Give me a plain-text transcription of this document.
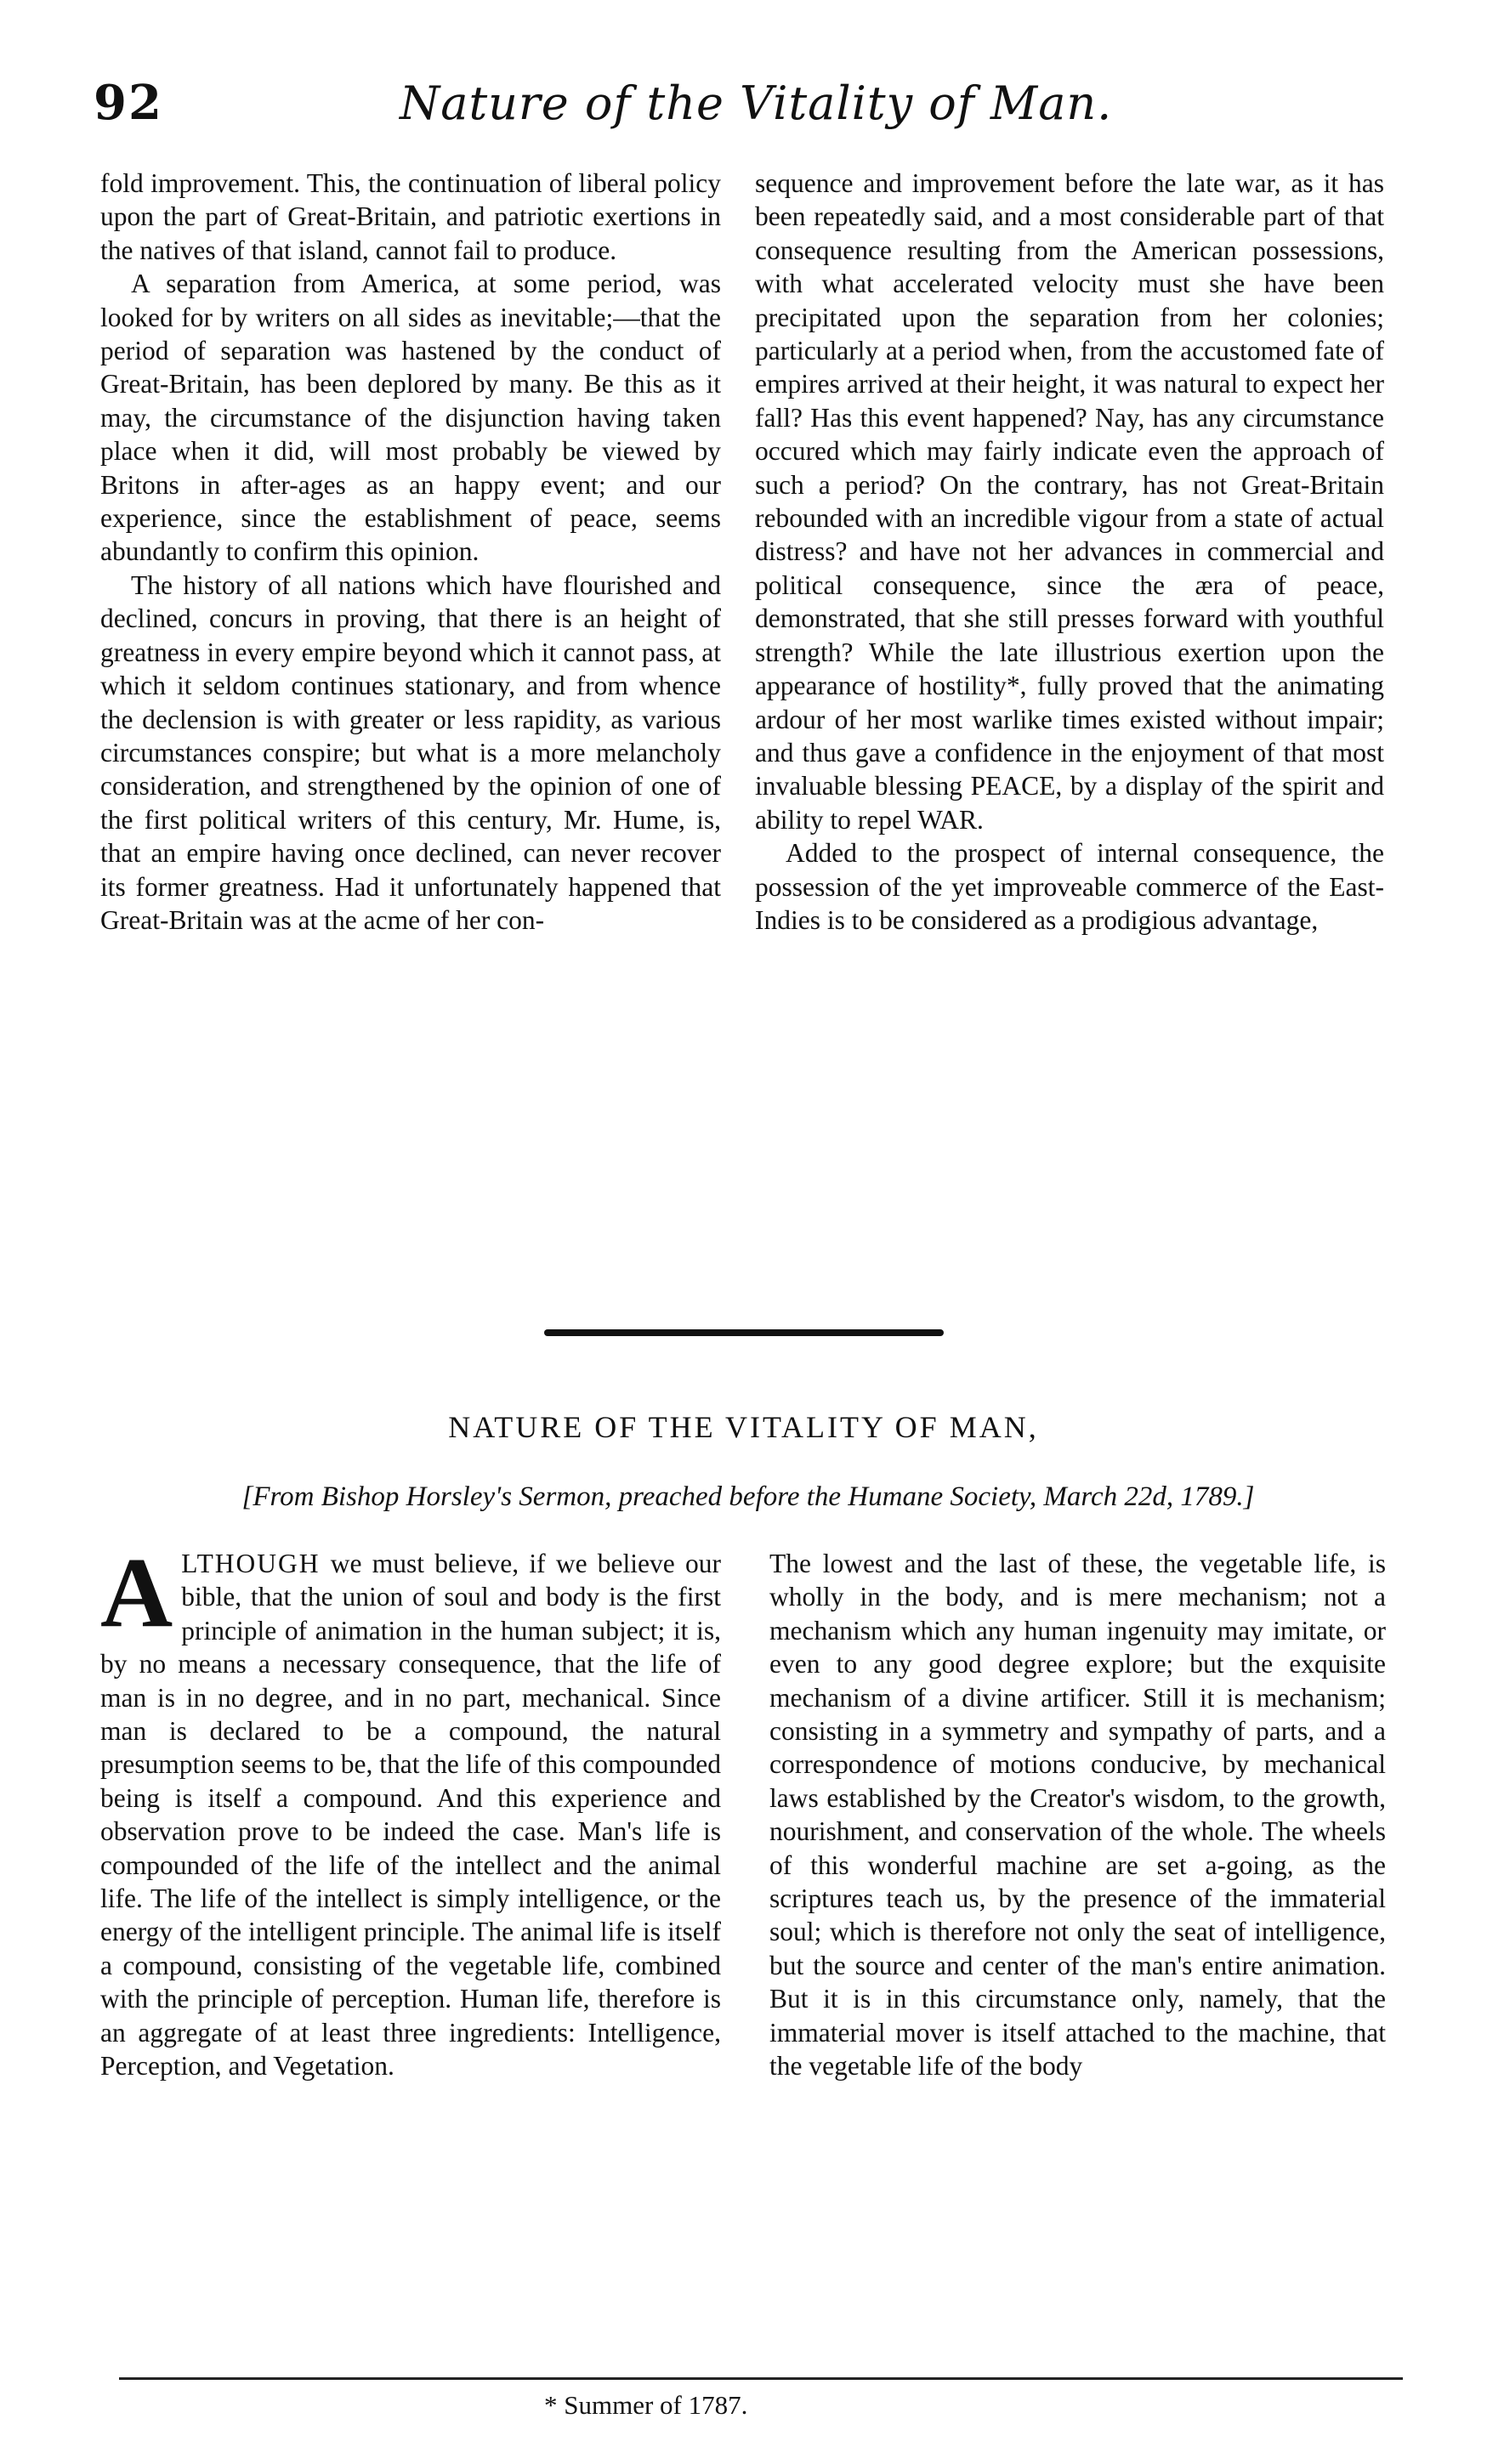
92	Nature of the Vitality of Man.

fold improvement. This, the continuation of liberal policy upon the part of Great-Britain, and patriotic exertions in the natives of that island, cannot fail to produce.

A separation from America, at some period, was looked for by writers on all sides as inevitable;—that the period of separation was hastened by the conduct of Great-Britain, has been deplored by many. Be this as it may, the circumstance of the disjunction having taken place when it did, will most probably be viewed by Britons in after-ages as an happy event; and our experience, since the establishment of peace, seems abundantly to confirm this opinion.

The history of all nations which have flourished and declined, concurs in proving, that there is an height of greatness in every empire beyond which it cannot pass, at which it seldom continues stationary, and from whence the declension is with greater or less rapidity, as various circumstances conspire; but what is a more melancholy consideration, and strengthened by the opinion of one of the first political writers of this century, Mr. Hume, is, that an empire having once declined, can never recover its former greatness. Had it unfortunately happened that Great-Britain was at the acme of her con-

sequence and improvement before the late war, as it has been repeatedly said, and a most considerable part of that consequence resulting from the American possessions, with what accelerated velocity must she have been precipitated upon the separation from her colonies; particularly at a period when, from the accustomed fate of empires arrived at their height, it was natural to expect her fall? Has this event happened? Nay, has any circumstance occured which may fairly indicate even the approach of such a period? On the contrary, has not Great-Britain rebounded with an incredible vigour from a state of actual distress? and have not her advances in commercial and political consequence, since the æra of peace, demonstrated, that she still presses forward with youthful strength? While the late illustrious exertion upon the appearance of hostility*, fully proved that the animating ardour of her most warlike times existed without impair; and thus gave a confidence in the enjoyment of that most invaluable blessing PEACE, by a display of the spirit and ability to repel WAR.

Added to the prospect of internal consequence, the possession of the yet improveable commerce of the East-Indies is to be considered as a prodigious advantage,

NATURE OF THE VITALITY OF MAN,
[From Bishop Horsley's Sermon, preached before the Humane Society, March 22d, 1789.]

ALTHOUGH we must believe, if we believe our bible, that the union of soul and body is the first principle of animation in the human subject; it is, by no means a necessary consequence, that the life of man is in no degree, and in no part, mechanical. Since man is declared to be a compound, the natural presumption seems to be, that the life of this compounded being is itself a compound. And this experience and observation prove to be indeed the case. Man's life is compounded of the life of the intellect and the animal life. The life of the intellect is simply intelligence, or the energy of the intelligent principle. The animal life is itself a compound, consisting of the vegetable life, combined with the principle of perception. Human life, therefore is an aggregate of at least three ingredients: Intelligence, Perception, and Vegetation.

The lowest and the last of these, the vegetable life, is wholly in the body, and is mere mechanism; not a mechanism which any human ingenuity may imitate, or even to any good degree explore; but the exquisite mechanism of a divine artificer. Still it is mechanism; consisting in a symmetry and sympathy of parts, and a correspondence of motions conducive, by mechanical laws established by the Creator's wisdom, to the growth, nourishment, and conservation of the whole. The wheels of this wonderful machine are set a-going, as the scriptures teach us, by the presence of the immaterial soul; which is therefore not only the seat of intelligence, but the source and center of the man's entire animation. But it is in this circumstance only, namely, that the immaterial mover is itself attached to the machine, that the vegetable life of the body

* Summer of 1787.
